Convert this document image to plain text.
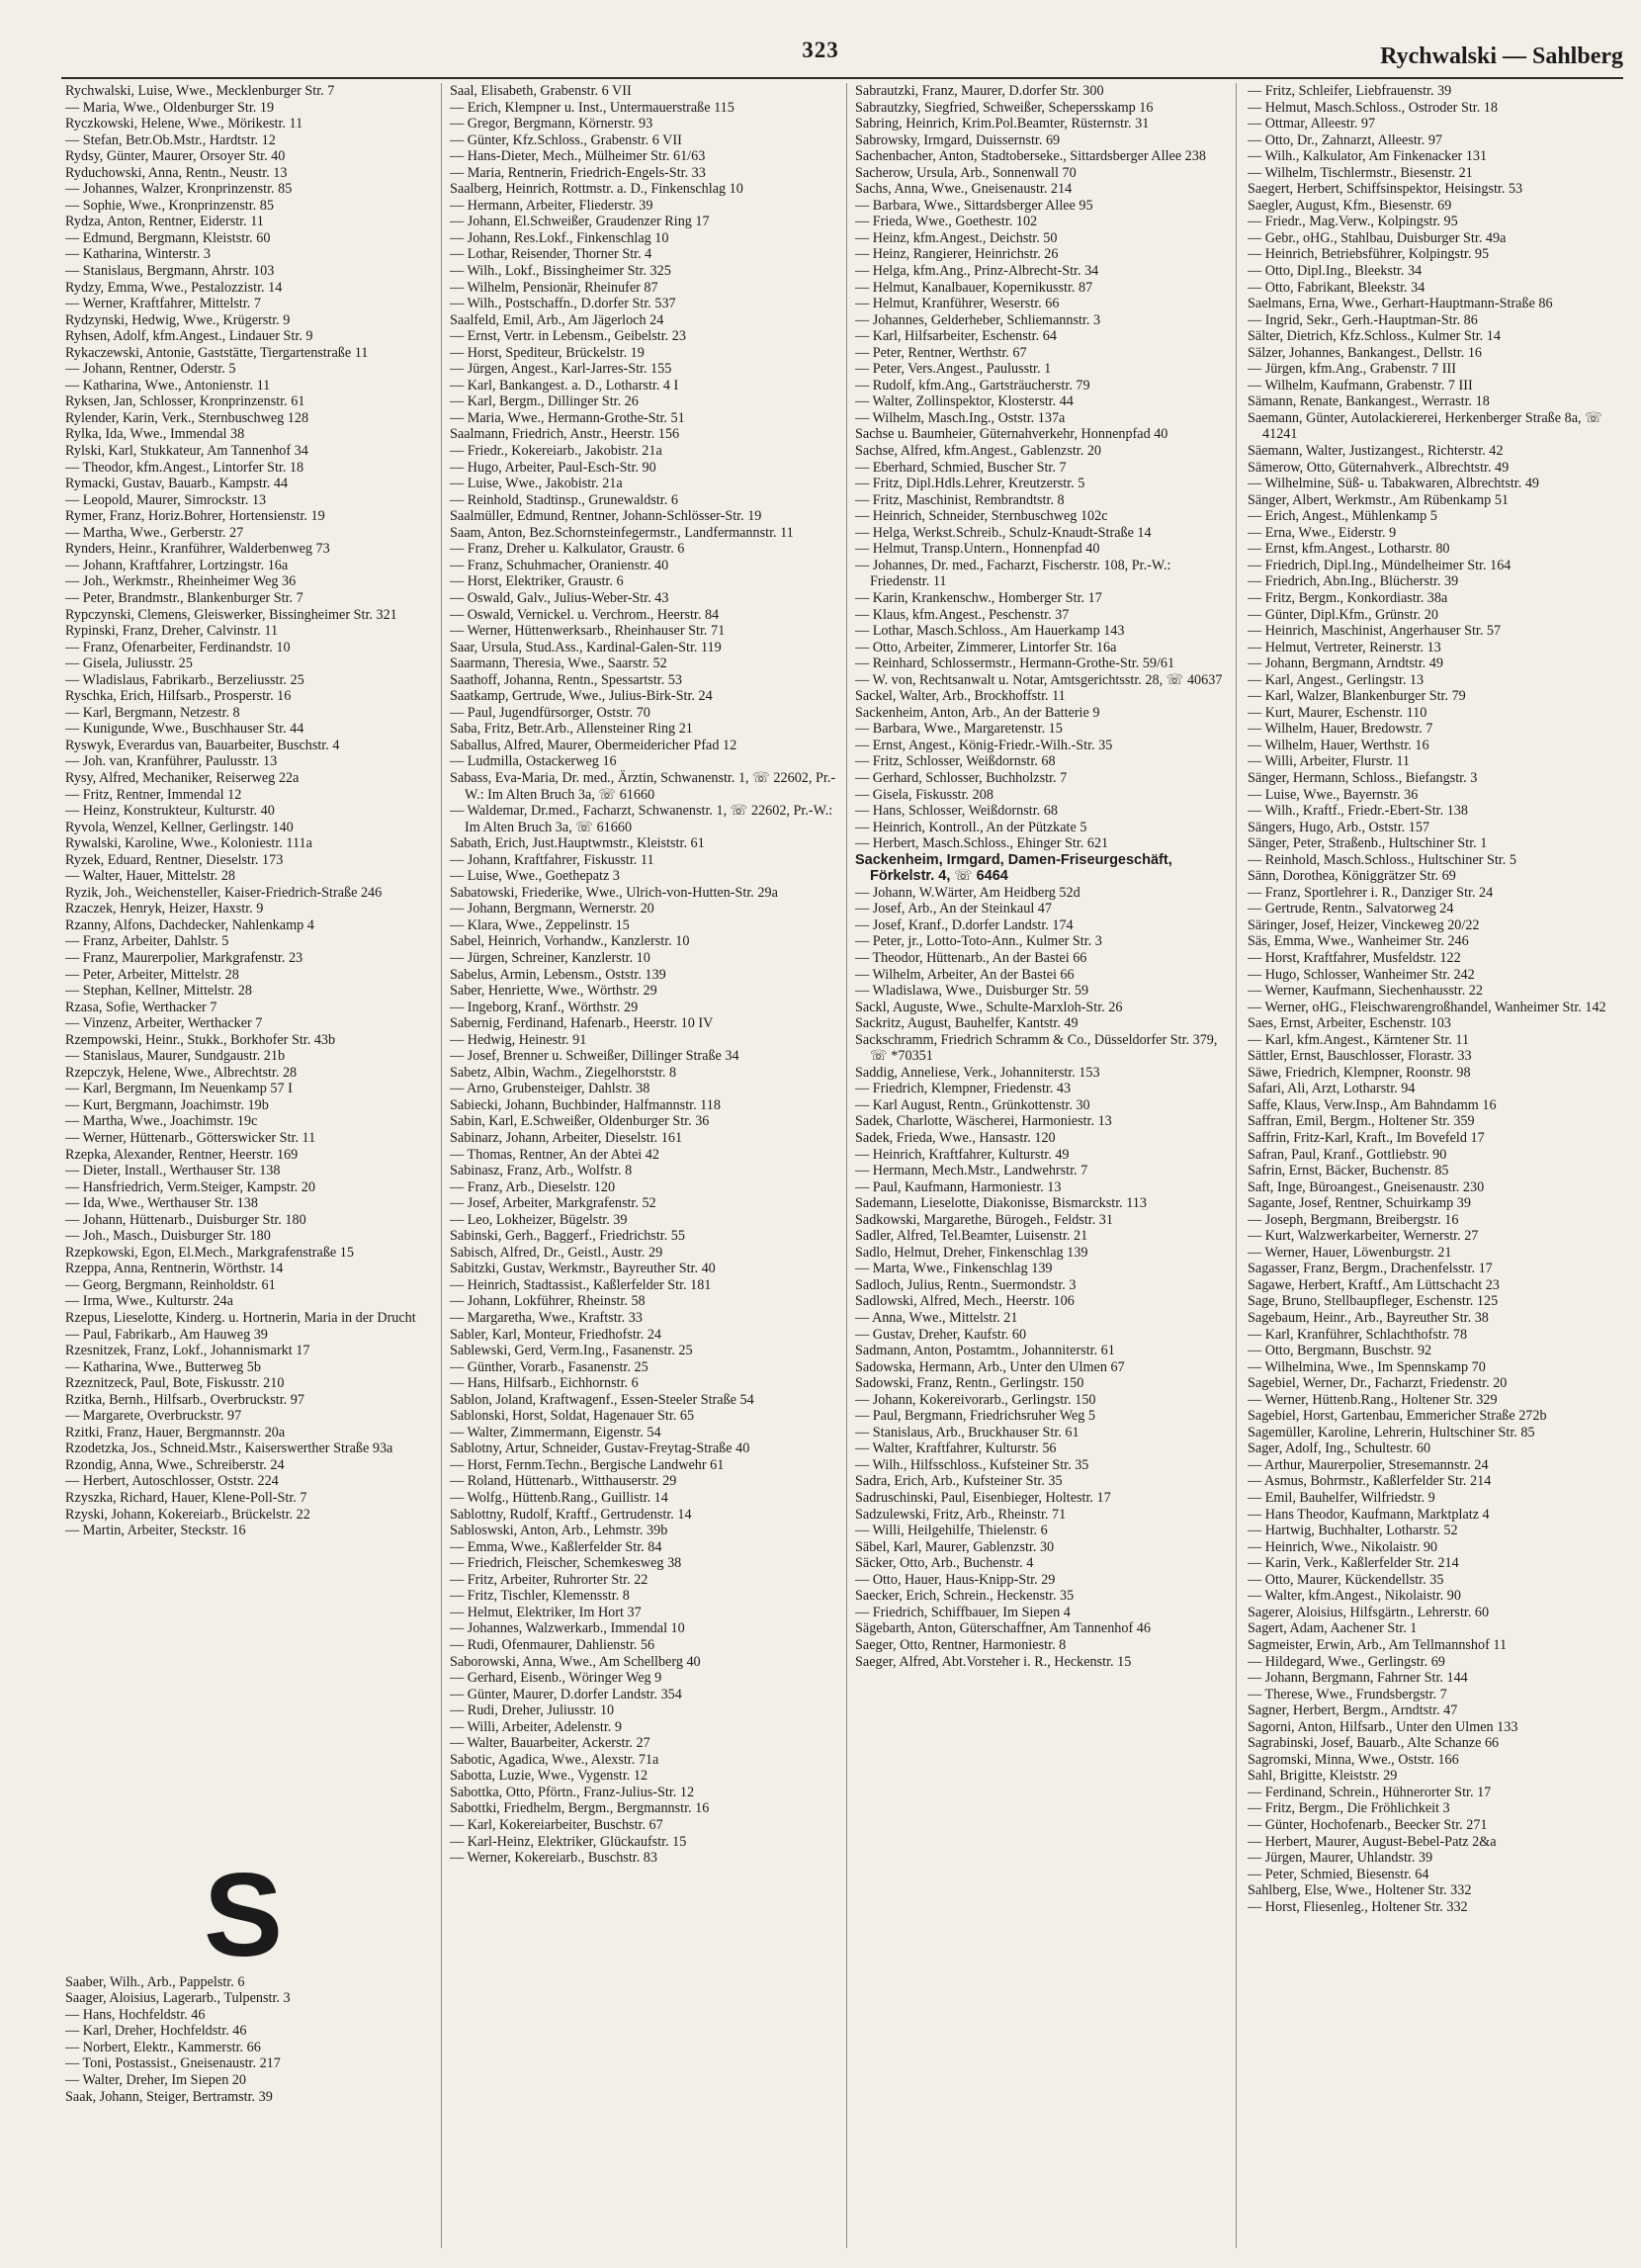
323	Rychwalski — Sahlberg

Rychwalski, Luise, Wwe., Mecklenburger Str. 7

— Maria, Wwe., Oldenburger Str. 19

Ryczkowski, Helene, Wwe., Mörikestr. 11

— Stefan, Betr.Ob.Mstr., Hardtstr. 12

Rydsy, Günter, Maurer, Orsoyer Str. 40

Ryduchowski, Anna, Rentn., Neustr. 13

— Johannes, Walzer, Kronprinzenstr. 85

— Sophie, Wwe., Kronprinzenstr. 85

Rydza, Anton, Rentner, Eiderstr. 11

— Edmund, Bergmann, Kleiststr. 60

— Katharina, Winterstr. 3

— Stanislaus, Bergmann, Ahrstr. 103

Rydzy, Emma, Wwe., Pestalozzistr. 14

— Werner, Kraftfahrer, Mittelstr. 7

Rydzynski, Hedwig, Wwe., Krügerstr. 9

Ryhsen, Adolf, kfm.Angest., Lindauer Str. 9

Rykaczewski, Antonie, Gaststätte, Tiergartenstraße 11

— Johann, Rentner, Oderstr. 5

— Katharina, Wwe., Antonienstr. 11

Ryksen, Jan, Schlosser, Kronprinzenstr. 61

Rylender, Karin, Verk., Sternbuschweg 128

Rylka, Ida, Wwe., Immendal 38

Rylski, Karl, Stukkateur, Am Tannenhof 34

— Theodor, kfm.Angest., Lintorfer Str. 18

Rymacki, Gustav, Bauarb., Kampstr. 44

— Leopold, Maurer, Simrockstr. 13

Rymer, Franz, Horiz.Bohrer, Hortensienstr. 19

— Martha, Wwe., Gerberstr. 27

Rynders, Heinr., Kranführer, Walderbenweg 73

— Johann, Kraftfahrer, Lortzingstr. 16a

— Joh., Werkmstr., Rheinheimer Weg 36

— Peter, Brandmstr., Blankenburger Str. 7

Rypczynski, Clemens, Gleiswerker, Bissingheimer Str. 321

Rypinski, Franz, Dreher, Calvinstr. 11

— Franz, Ofenarbeiter, Ferdinandstr. 10

— Gisela, Juliusstr. 25

— Wladislaus, Fabrikarb., Berzeliusstr. 25

Ryschka, Erich, Hilfsarb., Prosperstr. 16

— Karl, Bergmann, Netzestr. 8

— Kunigunde, Wwe., Buschhauser Str. 44

Ryswyk, Everardus van, Bauarbeiter, Buschstr. 4

— Joh. van, Kranführer, Paulusstr. 13

Rysy, Alfred, Mechaniker, Reiserweg 22a

— Fritz, Rentner, Immendal 12

— Heinz, Konstrukteur, Kulturstr. 40

Ryvola, Wenzel, Kellner, Gerlingstr. 140

Rywalski, Karoline, Wwe., Koloniestr. 111a

Ryzek, Eduard, Rentner, Dieselstr. 173

— Walter, Hauer, Mittelstr. 28

Ryzik, Joh., Weichensteller, Kaiser-Friedrich-Straße 246

Rzaczek, Henryk, Heizer, Haxstr. 9

Rzanny, Alfons, Dachdecker, Nahlenkamp 4

— Franz, Arbeiter, Dahlstr. 5

— Franz, Maurerpolier, Markgrafenstr. 23

— Peter, Arbeiter, Mittelstr. 28

— Stephan, Kellner, Mittelstr. 28

Rzasa, Sofie, Werthacker 7

— Vinzenz, Arbeiter, Werthacker 7

Rzempowski, Heinr., Stukk., Borkhofer Str. 43b

— Stanislaus, Maurer, Sundgaustr. 21b

Rzepczyk, Helene, Wwe., Albrechtstr. 28

— Karl, Bergmann, Im Neuenkamp 57 I

— Kurt, Bergmann, Joachimstr. 19b

— Martha, Wwe., Joachimstr. 19c

— Werner, Hüttenarb., Götterswicker Str. 11

Rzepka, Alexander, Rentner, Heerstr. 169

— Dieter, Install., Werthauser Str. 138

— Hansfriedrich, Verm.Steiger, Kampstr. 20

— Ida, Wwe., Werthauser Str. 138

— Johann, Hüttenarb., Duisburger Str. 180

— Joh., Masch., Duisburger Str. 180

Rzepkowski, Egon, El.Mech., Markgrafenstraße 15

Rzeppa, Anna, Rentnerin, Wörthstr. 14

— Georg, Bergmann, Reinholdstr. 61

— Irma, Wwe., Kulturstr. 24a

Rzepus, Lieselotte, Kinderg. u. Hortnerin, Maria in der Drucht

— Paul, Fabrikarb., Am Hauweg 39

Rzesnitzek, Franz, Lokf., Johannismarkt 17

— Katharina, Wwe., Butterweg 5b

Rzeznitzeck, Paul, Bote, Fiskusstr. 210

Rzitka, Bernh., Hilfsarb., Overbruckstr. 97

— Margarete, Overbruckstr. 97

Rzitki, Franz, Hauer, Bergmannstr. 20a

Rzodetzka, Jos., Schneid.Mstr., Kaiserswerther Straße 93a

Rzondig, Anna, Wwe., Schreiberstr. 24

— Herbert, Autoschlosser, Oststr. 224

Rzyszka, Richard, Hauer, Klene-Poll-Str. 7

Rzyski, Johann, Kokereiarb., Brückelstr. 22

— Martin, Arbeiter, Steckstr. 16

S

Saaber, Wilh., Arb., Pappelstr. 6

Saager, Aloisius, Lagerarb., Tulpenstr. 3

— Hans, Hochfeldstr. 46

— Karl, Dreher, Hochfeldstr. 46

— Norbert, Elektr., Kammerstr. 66

— Toni, Postassist., Gneisenaustr. 217

— Walter, Dreher, Im Siepen 20

Saak, Johann, Steiger, Bertramstr. 39

Saal, Elisabeth, Grabenstr. 6 VII

— Erich, Klempner u. Inst., Untermauerstraße 115

— Gregor, Bergmann, Körnerstr. 93

— Günter, Kfz.Schloss., Grabenstr. 6 VII

— Hans-Dieter, Mech., Mülheimer Str. 61/63

— Maria, Rentnerin, Friedrich-Engels-Str. 33

Saalberg, Heinrich, Rottmstr. a. D., Finkenschlag 10

— Hermann, Arbeiter, Fliederstr. 39

— Johann, El.Schweißer, Graudenzer Ring 17

— Johann, Res.Lokf., Finkenschlag 10

— Lothar, Reisender, Thorner Str. 4

— Wilh., Lokf., Bissingheimer Str. 325

— Wilhelm, Pensionär, Rheinufer 87

— Wilh., Postschaffn., D.dorfer Str. 537

Saalfeld, Emil, Arb., Am Jägerloch 24

— Ernst, Vertr. in Lebensm., Geibelstr. 23

— Horst, Spediteur, Brückelstr. 19

— Jürgen, Angest., Karl-Jarres-Str. 155

— Karl, Bankangest. a. D., Lotharstr. 4 I

— Karl, Bergm., Dillinger Str. 26

— Maria, Wwe., Hermann-Grothe-Str. 51

Saalmann, Friedrich, Anstr., Heerstr. 156

— Friedr., Kokereiarb., Jakobistr. 21a

— Hugo, Arbeiter, Paul-Esch-Str. 90

— Luise, Wwe., Jakobistr. 21a

— Reinhold, Stadtinsp., Grunewaldstr. 6

Saalmüller, Edmund, Rentner, Johann-Schlösser-Str. 19

Saam, Anton, Bez.Schornsteinfegermstr., Landfermannstr. 11

— Franz, Dreher u. Kalkulator, Graustr. 6

— Franz, Schuhmacher, Oranienstr. 40

— Horst, Elektriker, Graustr. 6

— Oswald, Galv., Julius-Weber-Str. 43

— Oswald, Vernickel. u. Verchrom., Heerstr. 84

— Werner, Hüttenwerksarb., Rheinhauser Str. 71

Saar, Ursula, Stud.Ass., Kardinal-Galen-Str. 119

Saarmann, Theresia, Wwe., Saarstr. 52

Saathoff, Johanna, Rentn., Spessartstr. 53

Saatkamp, Gertrude, Wwe., Julius-Birk-Str. 24

— Paul, Jugendfürsorger, Oststr. 70

Saba, Fritz, Betr.Arb., Allensteiner Ring 21

Saballus, Alfred, Maurer, Obermeidericher Pfad 12

— Ludmilla, Ostackerweg 16

Sabass, Eva-Maria, Dr. med., Ärztin, Schwanenstr. 1, ☏ 22602, Pr.-W.: Im Alten Bruch 3a, ☏ 61660

— Waldemar, Dr.med., Facharzt, Schwanenstr. 1, ☏ 22602, Pr.-W.: Im Alten Bruch 3a, ☏ 61660

Sabath, Erich, Just.Hauptwmstr., Kleiststr. 61

— Johann, Kraftfahrer, Fiskusstr. 11

— Luise, Wwe., Goethepatz 3

Sabatowski, Friederike, Wwe., Ulrich-von-Hutten-Str. 29a

— Johann, Bergmann, Wernerstr. 20

— Klara, Wwe., Zeppelinstr. 15

Sabel, Heinrich, Vorhandw., Kanzlerstr. 10

— Jürgen, Schreiner, Kanzlerstr. 10

Sabelus, Armin, Lebensm., Oststr. 139

Saber, Henriette, Wwe., Wörthstr. 29

— Ingeborg, Kranf., Wörthstr. 29

Sabernig, Ferdinand, Hafenarb., Heerstr. 10 IV

— Hedwig, Heinestr. 91

— Josef, Brenner u. Schweißer, Dillinger Straße 34

Sabetz, Albin, Wachm., Ziegelhorststr. 8

— Arno, Grubensteiger, Dahlstr. 38

Sabiecki, Johann, Buchbinder, Halfmannstr. 118

Sabin, Karl, E.Schweißer, Oldenburger Str. 36

Sabinarz, Johann, Arbeiter, Dieselstr. 161

— Thomas, Rentner, An der Abtei 42

Sabinasz, Franz, Arb., Wolfstr. 8

— Franz, Arb., Dieselstr. 120

— Josef, Arbeiter, Markgrafenstr. 52

— Leo, Lokheizer, Bügelstr. 39

Sabinski, Gerh., Baggerf., Friedrichstr. 55

Sabisch, Alfred, Dr., Geistl., Austr. 29

Sabitzki, Gustav, Werkmstr., Bayreuther Str. 40

— Heinrich, Stadtassist., Kaßlerfelder Str. 181

— Johann, Lokführer, Rheinstr. 58

— Margaretha, Wwe., Kraftstr. 33

Sabler, Karl, Monteur, Friedhofstr. 24

Sablewski, Gerd, Verm.Ing., Fasanenstr. 25

— Günther, Vorarb., Fasanenstr. 25

— Hans, Hilfsarb., Eichhornstr. 6

Sablon, Joland, Kraftwagenf., Essen-Steeler Straße 54

Sablonski, Horst, Soldat, Hagenauer Str. 65

— Walter, Zimmermann, Eigenstr. 54

Sablotny, Artur, Schneider, Gustav-Freytag-Straße 40

— Horst, Fernm.Techn., Bergische Landwehr 61

— Roland, Hüttenarb., Witthauserstr. 29

— Wolfg., Hüttenb.Rang., Guillistr. 14

Sablottny, Rudolf, Kraftf., Gertrudenstr. 14

Sabloswski, Anton, Arb., Lehmstr. 39b

— Emma, Wwe., Kaßlerfelder Str. 84

— Friedrich, Fleischer, Schemkesweg 38

— Fritz, Arbeiter, Ruhrorter Str. 22

— Fritz, Tischler, Klemensstr. 8

— Helmut, Elektriker, Im Hort 37

— Johannes, Walzwerkarb., Immendal 10

— Rudi, Ofenmaurer, Dahlienstr. 56

Saborowski, Anna, Wwe., Am Schellberg 40

— Gerhard, Eisenb., Wöringer Weg 9

— Günter, Maurer, D.dorfer Landstr. 354

— Rudi, Dreher, Juliusstr. 10

— Willi, Arbeiter, Adelenstr. 9

— Walter, Bauarbeiter, Ackerstr. 27

Sabotic, Agadica, Wwe., Alexstr. 71a

Sabotta, Luzie, Wwe., Vygenstr. 12

Sabottka, Otto, Pförtn., Franz-Julius-Str. 12

Sabottki, Friedhelm, Bergm., Bergmannstr. 16

— Karl, Kokereiarbeiter, Buschstr. 67

— Karl-Heinz, Elektriker, Glückaufstr. 15

— Werner, Kokereiarb., Buschstr. 83

Sabrautzki, Franz, Maurer, D.dorfer Str. 300

Sabrautzky, Siegfried, Schweißer, Schepersskamp 16

Sabring, Heinrich, Krim.Pol.Beamter, Rüsternstr. 31

Sabrowsky, Irmgard, Duissernstr. 69

Sachenbacher, Anton, Stadtoberseke., Sittardsberger Allee 238

Sacherow, Ursula, Arb., Sonnenwall 70

Sachs, Anna, Wwe., Gneisenaustr. 214

— Barbara, Wwe., Sittardsberger Allee 95

— Frieda, Wwe., Goethestr. 102

— Heinz, kfm.Angest., Deichstr. 50

— Heinz, Rangierer, Heinrichstr. 26

— Helga, kfm.Ang., Prinz-Albrecht-Str. 34

— Helmut, Kanalbauer, Kopernikusstr. 87

— Helmut, Kranführer, Weserstr. 66

— Johannes, Gelderheber, Schliemannstr. 3

— Karl, Hilfsarbeiter, Eschenstr. 64

— Peter, Rentner, Werthstr. 67

— Peter, Vers.Angest., Paulusstr. 1

— Rudolf, kfm.Ang., Gartsträucherstr. 79

— Walter, Zollinspektor, Klosterstr. 44

— Wilhelm, Masch.Ing., Oststr. 137a

Sachse u. Baumheier, Güternahverkehr, Honnenpfad 40

Sachse, Alfred, kfm.Angest., Gablenzstr. 20

— Eberhard, Schmied, Buscher Str. 7

— Fritz, Dipl.Hdls.Lehrer, Kreutzerstr. 5

— Fritz, Maschinist, Rembrandtstr. 8

— Heinrich, Schneider, Sternbuschweg 102c

— Helga, Werkst.Schreib., Schulz-Knaudt-Straße 14

— Helmut, Transp.Untern., Honnenpfad 40

— Johannes, Dr. med., Facharzt, Fischerstr. 108, Pr.-W.: Friedenstr. 11

— Karin, Krankenschw., Homberger Str. 17

— Klaus, kfm.Angest., Peschenstr. 37

— Lothar, Masch.Schloss., Am Hauerkamp 143

— Otto, Arbeiter, Zimmerer, Lintorfer Str. 16a

— Reinhard, Schlossermstr., Hermann-Grothe-Str. 59/61

— W. von, Rechtsanwalt u. Notar, Amtsgerichtsstr. 28, ☏ 40637

Sackel, Walter, Arb., Brockhoffstr. 11

Sackenheim, Anton, Arb., An der Batterie 9

— Barbara, Wwe., Margaretenstr. 15

— Ernst, Angest., König-Friedr.-Wilh.-Str. 35

— Fritz, Schlosser, Weißdornstr. 68

— Gerhard, Schlosser, Buchholzstr. 7

— Gisela, Fiskusstr. 208

— Hans, Schlosser, Weißdornstr. 68

— Heinrich, Kontroll., An der Pützkate 5

— Herbert, Masch.Schloss., Ehinger Str. 621

Sackenheim, Irmgard, Damen-Friseurgeschäft, Förkelstr. 4, ☏ 6464

— Johann, W.Wärter, Am Heidberg 52d

— Josef, Arb., An der Steinkaul 47

— Josef, Kranf., D.dorfer Landstr. 174

— Peter, jr., Lotto-Toto-Ann., Kulmer Str. 3

— Theodor, Hüttenarb., An der Bastei 66

— Wilhelm, Arbeiter, An der Bastei 66

— Wladislawa, Wwe., Duisburger Str. 59

Sackl, Auguste, Wwe., Schulte-Marxloh-Str. 26

Sackritz, August, Bauhelfer, Kantstr. 49

Sackschramm, Friedrich Schramm & Co., Düsseldorfer Str. 379, ☏ *70351

Saddig, Anneliese, Verk., Johanniterstr. 153

— Friedrich, Klempner, Friedenstr. 43

— Karl August, Rentn., Grünkottenstr. 30

Sadek, Charlotte, Wäscherei, Harmoniestr. 13

Sadek, Frieda, Wwe., Hansastr. 120

— Heinrich, Kraftfahrer, Kulturstr. 49

— Hermann, Mech.Mstr., Landwehrstr. 7

— Paul, Kaufmann, Harmoniestr. 13

Sademann, Lieselotte, Diakonisse, Bismarckstr. 113

Sadkowski, Margarethe, Bürogeh., Feldstr. 31

Sadler, Alfred, Tel.Beamter, Luisenstr. 21

Sadlo, Helmut, Dreher, Finkenschlag 139

— Marta, Wwe., Finkenschlag 139

Sadloch, Julius, Rentn., Suermondstr. 3

Sadlowski, Alfred, Mech., Heerstr. 106

— Anna, Wwe., Mittelstr. 21

— Gustav, Dreher, Kaufstr. 60

Sadmann, Anton, Postamtm., Johanniterstr. 61

Sadowska, Hermann, Arb., Unter den Ulmen 67

Sadowski, Franz, Rentn., Gerlingstr. 150

— Johann, Kokereivorarb., Gerlingstr. 150

— Paul, Bergmann, Friedrichsruher Weg 5

— Stanislaus, Arb., Bruckhauser Str. 61

— Walter, Kraftfahrer, Kulturstr. 56

— Wilh., Hilfsschloss., Kufsteiner Str. 35

Sadra, Erich, Arb., Kufsteiner Str. 35

Sadruschinski, Paul, Eisenbieger, Holtestr. 17

Sadzulewski, Fritz, Arb., Rheinstr. 71

— Willi, Heilgehilfe, Thielenstr. 6

Säbel, Karl, Maurer, Gablenzstr. 30

Säcker, Otto, Arb., Buchenstr. 4

— Otto, Hauer, Haus-Knipp-Str. 29

Saecker, Erich, Schrein., Heckenstr. 35

— Friedrich, Schiffbauer, Im Siepen 4

Sägebarth, Anton, Güterschaffner, Am Tannenhof 46

Saeger, Otto, Rentner, Harmoniestr. 8

Saeger, Alfred, Abt.Vorsteher i. R., Heckenstr. 15

— Fritz, Schleifer, Liebfrauenstr. 39

— Helmut, Masch.Schloss., Ostroder Str. 18

— Ottmar, Alleestr. 97

— Otto, Dr., Zahnarzt, Alleestr. 97

— Wilh., Kalkulator, Am Finkenacker 131

— Wilhelm, Tischlermstr., Biesenstr. 21

Saegert, Herbert, Schiffsinspektor, Heisingstr. 53

Saegler, August, Kfm., Biesenstr. 69

— Friedr., Mag.Verw., Kolpingstr. 95

— Gebr., oHG., Stahlbau, Duisburger Str. 49a

— Heinrich, Betriebsführer, Kolpingstr. 95

— Otto, Dipl.Ing., Bleekstr. 34

— Otto, Fabrikant, Bleekstr. 34

Saelmans, Erna, Wwe., Gerhart-Hauptmann-Straße 86

— Ingrid, Sekr., Gerh.-Hauptman-Str. 86

Sälter, Dietrich, Kfz.Schloss., Kulmer Str. 14

Sälzer, Johannes, Bankangest., Dellstr. 16

— Jürgen, kfm.Ang., Grabenstr. 7 III

— Wilhelm, Kaufmann, Grabenstr. 7 III

Sämann, Renate, Bankangest., Werrastr. 18

Saemann, Günter, Autolackiererei, Herkenberger Straße 8a, ☏ 41241

Säemann, Walter, Justizangest., Richterstr. 42

Sämerow, Otto, Güternahverk., Albrechtstr. 49

— Wilhelmine, Süß- u. Tabakwaren, Albrechtstr. 49

Sänger, Albert, Werkmstr., Am Rübenkamp 51

— Erich, Angest., Mühlenkamp 5

— Erna, Wwe., Eiderstr. 9

— Ernst, kfm.Angest., Lotharstr. 80

— Friedrich, Dipl.Ing., Mündelheimer Str. 164

— Friedrich, Abn.Ing., Blücherstr. 39

— Fritz, Bergm., Konkordiastr. 38a

— Günter, Dipl.Kfm., Grünstr. 20

— Heinrich, Maschinist, Angerhauser Str. 57

— Helmut, Vertreter, Reinerstr. 13

— Johann, Bergmann, Arndtstr. 49

— Karl, Angest., Gerlingstr. 13

— Karl, Walzer, Blankenburger Str. 79

— Kurt, Maurer, Eschenstr. 110

— Wilhelm, Hauer, Bredowstr. 7

— Wilhelm, Hauer, Werthstr. 16

— Willi, Arbeiter, Flurstr. 11

Sänger, Hermann, Schloss., Biefangstr. 3

— Luise, Wwe., Bayernstr. 36

— Wilh., Kraftf., Friedr.-Ebert-Str. 138

Sängers, Hugo, Arb., Oststr. 157

Sänger, Peter, Straßenb., Hultschiner Str. 1

— Reinhold, Masch.Schloss., Hultschiner Str. 5

Sänn, Dorothea, Königgrätzer Str. 69

— Franz, Sportlehrer i. R., Danziger Str. 24

— Gertrude, Rentn., Salvatorweg 24

Säringer, Josef, Heizer, Vinckeweg 20/22

Säs, Emma, Wwe., Wanheimer Str. 246

— Horst, Kraftfahrer, Musfeldstr. 122

— Hugo, Schlosser, Wanheimer Str. 242

— Werner, Kaufmann, Siechenhausstr. 22

— Werner, oHG., Fleischwarengroßhandel, Wanheimer Str. 142

Saes, Ernst, Arbeiter, Eschenstr. 103

— Karl, kfm.Angest., Kärntener Str. 11

Sättler, Ernst, Bauschlosser, Florastr. 33

Säwe, Friedrich, Klempner, Roonstr. 98

Safari, Ali, Arzt, Lotharstr. 94

Saffe, Klaus, Verw.Insp., Am Bahndamm 16

Saffran, Emil, Bergm., Holtener Str. 359

Saffrin, Fritz-Karl, Kraft., Im Bovefeld 17

Safran, Paul, Kranf., Gottliebstr. 90

Safrin, Ernst, Bäcker, Buchenstr. 85

Saft, Inge, Büroangest., Gneisenaustr. 230

Sagante, Josef, Rentner, Schuirkamp 39

— Joseph, Bergmann, Breibergstr. 16

— Kurt, Walzwerkarbeiter, Wernerstr. 27

— Werner, Hauer, Löwenburgstr. 21

Sagasser, Franz, Bergm., Drachenfelsstr. 17

Sagawe, Herbert, Kraftf., Am Lüttschacht 23

Sage, Bruno, Stellbaupfleger, Eschenstr. 125

Sagebaum, Heinr., Arb., Bayreuther Str. 38

— Karl, Kranführer, Schlachthofstr. 78

— Otto, Bergmann, Buschstr. 92

— Wilhelmina, Wwe., Im Spennskamp 70

Sagebiel, Werner, Dr., Facharzt, Friedenstr. 20

— Werner, Hüttenb.Rang., Holtener Str. 329

Sagebiel, Horst, Gartenbau, Emmericher Straße 272b

Sagemüller, Karoline, Lehrerin, Hultschiner Str. 85

Sager, Adolf, Ing., Schultestr. 60

— Arthur, Maurerpolier, Stresemannstr. 24

— Asmus, Bohrmstr., Kaßlerfelder Str. 214

— Emil, Bauhelfer, Wilfriedstr. 9

— Hans Theodor, Kaufmann, Marktplatz 4

— Hartwig, Buchhalter, Lotharstr. 52

— Heinrich, Wwe., Nikolaistr. 90

— Karin, Verk., Kaßlerfelder Str. 214

— Otto, Maurer, Kückendellstr. 35

— Walter, kfm.Angest., Nikolaistr. 90

Sagerer, Aloisius, Hilfsgärtn., Lehrerstr. 60

Sagert, Adam, Aachener Str. 1

Sagmeister, Erwin, Arb., Am Tellmannshof 11

— Hildegard, Wwe., Gerlingstr. 69

— Johann, Bergmann, Fahrner Str. 144

— Therese, Wwe., Frundsbergstr. 7

Sagner, Herbert, Bergm., Arndtstr. 47

Sagorni, Anton, Hilfsarb., Unter den Ulmen 133

Sagrabinski, Josef, Bauarb., Alte Schanze 66

Sagromski, Minna, Wwe., Oststr. 166

Sahl, Brigitte, Kleiststr. 29

— Ferdinand, Schrein., Hühnerorter Str. 17

— Fritz, Bergm., Die Fröhlichkeit 3

— Günter, Hochofenarb., Beecker Str. 271

— Herbert, Maurer, August-Bebel-Patz 2&a

— Jürgen, Maurer, Uhlandstr. 39

— Peter, Schmied, Biesenstr. 64

Sahlberg, Else, Wwe., Holtener Str. 332

— Horst, Fliesenleg., Holtener Str. 332
